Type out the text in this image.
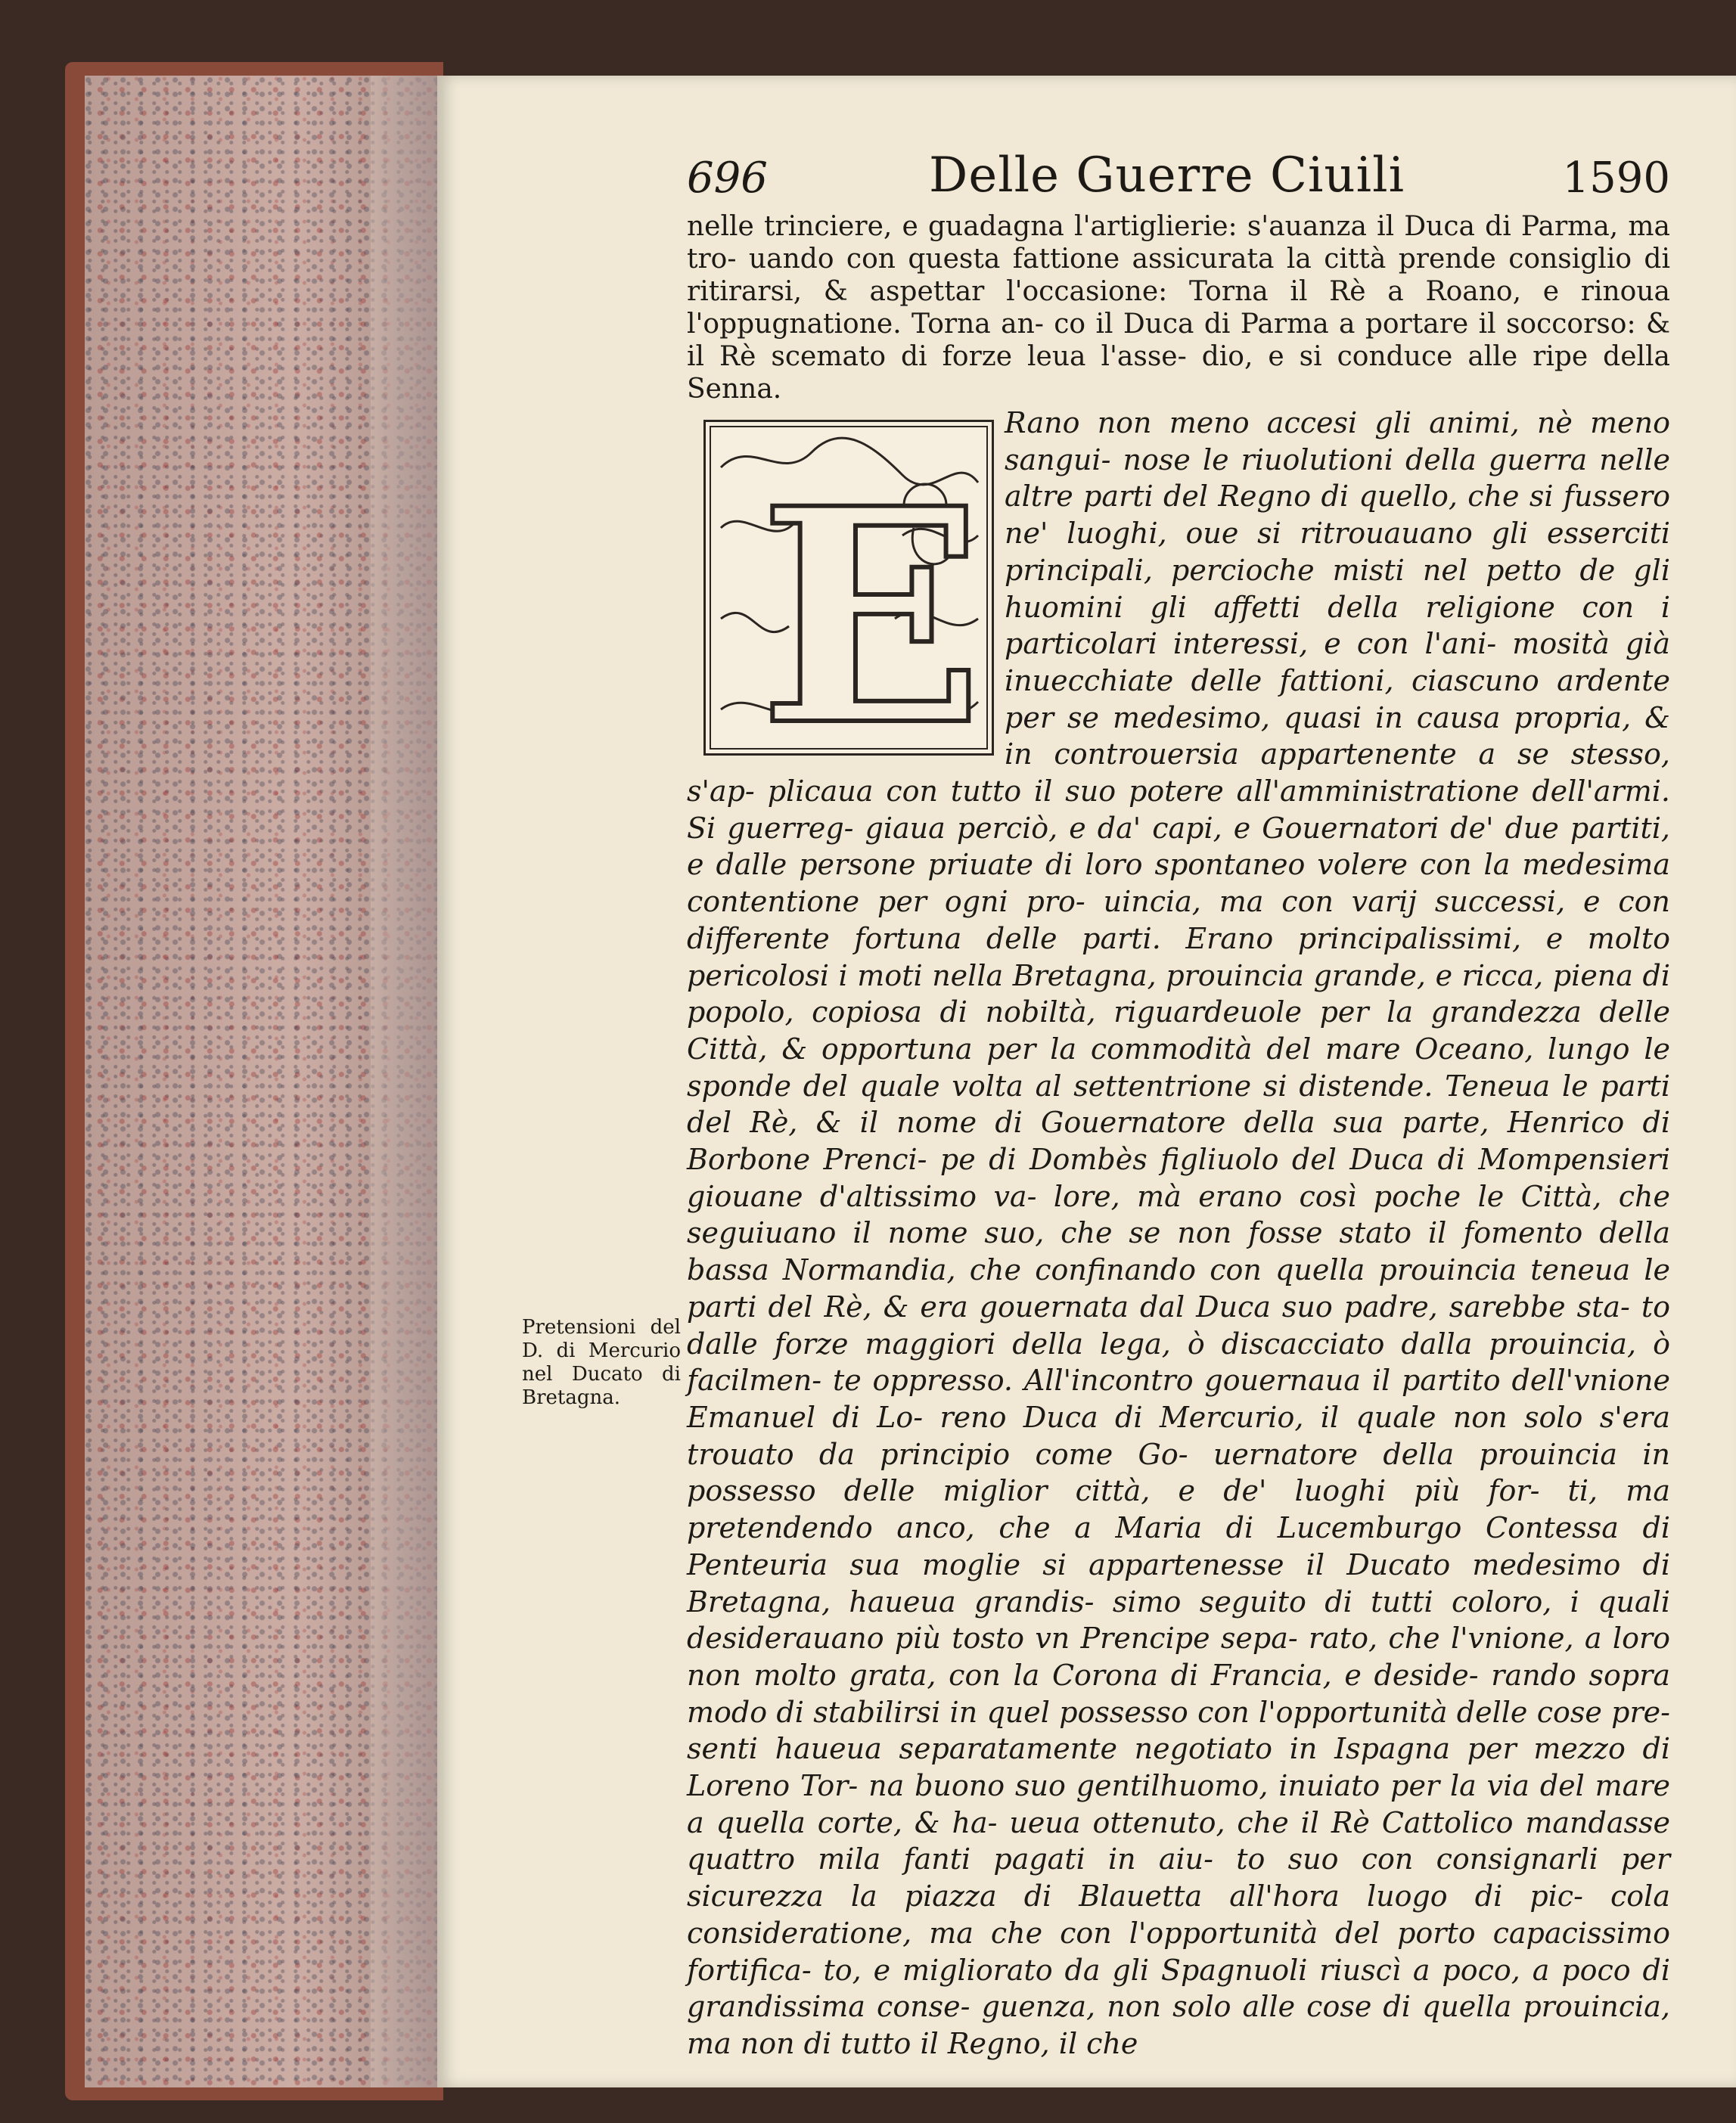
696	Delle Guerre Ciuili	1590
nelle trinciere, e guadagna l'artiglierie: s'auanza il Duca di Parma, ma tro- uando con questa fattione assicurata la città prende consiglio di ritirarsi, & aspettar l'occasione: Torna il Rè a Roano, e rinoua l'oppugnatione. Torna an- co il Duca di Parma a portare il soccorso: & il Rè scemato di forze leua l'asse- dio, e si conduce alle ripe della Senna.
E
Rano non meno accesi gli animi, nè meno sangui- nose le riuolutioni della guerra nelle altre parti del Regno di quello, che si fussero ne' luoghi, oue si ritrouauano gli esserciti principali, percioche misti nel petto de gli huomini gli affetti della religione con i particolari interessi, e con l'ani- mosità già inuecchiate delle fattioni, ciascuno ardente per se medesimo, quasi in causa propria, & in controuersia appartenente a se stesso, s'ap- plicaua con tutto il suo potere all'amministratione dell'armi. Si guerreg- giaua perciò, e da' capi, e Gouernatori de' due partiti, e dalle persone priuate di loro spontaneo volere con la medesima contentione per ogni pro- uincia, ma con varij successi, e con differente fortuna delle parti. Erano principalissimi, e molto pericolosi i moti nella Bretagna, prouincia grande, e ricca, piena di popolo, copiosa di nobiltà, riguardeuole per la grandezza delle Città, & opportuna per la commodità del mare Oceano, lungo le sponde del quale volta al settentrione si distende. Teneua le parti del Rè, & il nome di Gouernatore della sua parte, Henrico di Borbone Prenci- pe di Dombès figliuolo del Duca di Mompensieri giouane d'altissimo va- lore, mà erano così poche le Città, che seguiuano il nome suo, che se non fosse stato il fomento della bassa Normandia, che confinando con quella prouincia teneua le parti del Rè, & era gouernata dal Duca suo padre, sarebbe sta- to dalle forze maggiori della lega, ò discacciato dalla prouincia, ò facilmen- te oppresso. All'incontro gouernaua il partito dell'vnione Emanuel di Lo- reno Duca di Mercurio, il quale non solo s'era trouato da principio come Go- uernatore della prouincia in possesso delle miglior città, e de' luoghi più for- ti, ma pretendendo anco, che a Maria di Lucemburgo Contessa di Penteuria sua moglie si appartenesse il Ducato medesimo di Bretagna, haueua grandis- simo seguito di tutti coloro, i quali desiderauano più tosto vn Prencipe sepa- rato, che l'vnione, a loro non molto grata, con la Corona di Francia, e deside- rando sopra modo di stabilirsi in quel possesso con l'opportunità delle cose pre- senti haueua separatamente negotiato in Ispagna per mezzo di Loreno Tor- na buono suo gentilhuomo, inuiato per la via del mare a quella corte, & ha- ueua ottenuto, che il Rè Cattolico mandasse quattro mila fanti pagati in aiu- to suo con consignarli per sicurezza la piazza di Blauetta all'hora luogo di pic- cola consideratione, ma che con l'opportunità del porto capacissimo fortifica- to, e migliorato da gli Spagnuoli riuscì a poco, a poco di grandissima conse- guenza, non solo alle cose di quella prouincia, ma non di tutto il Regno, il che
Pretensioni del D. di Mercurio nel Ducato di Bretagna.
